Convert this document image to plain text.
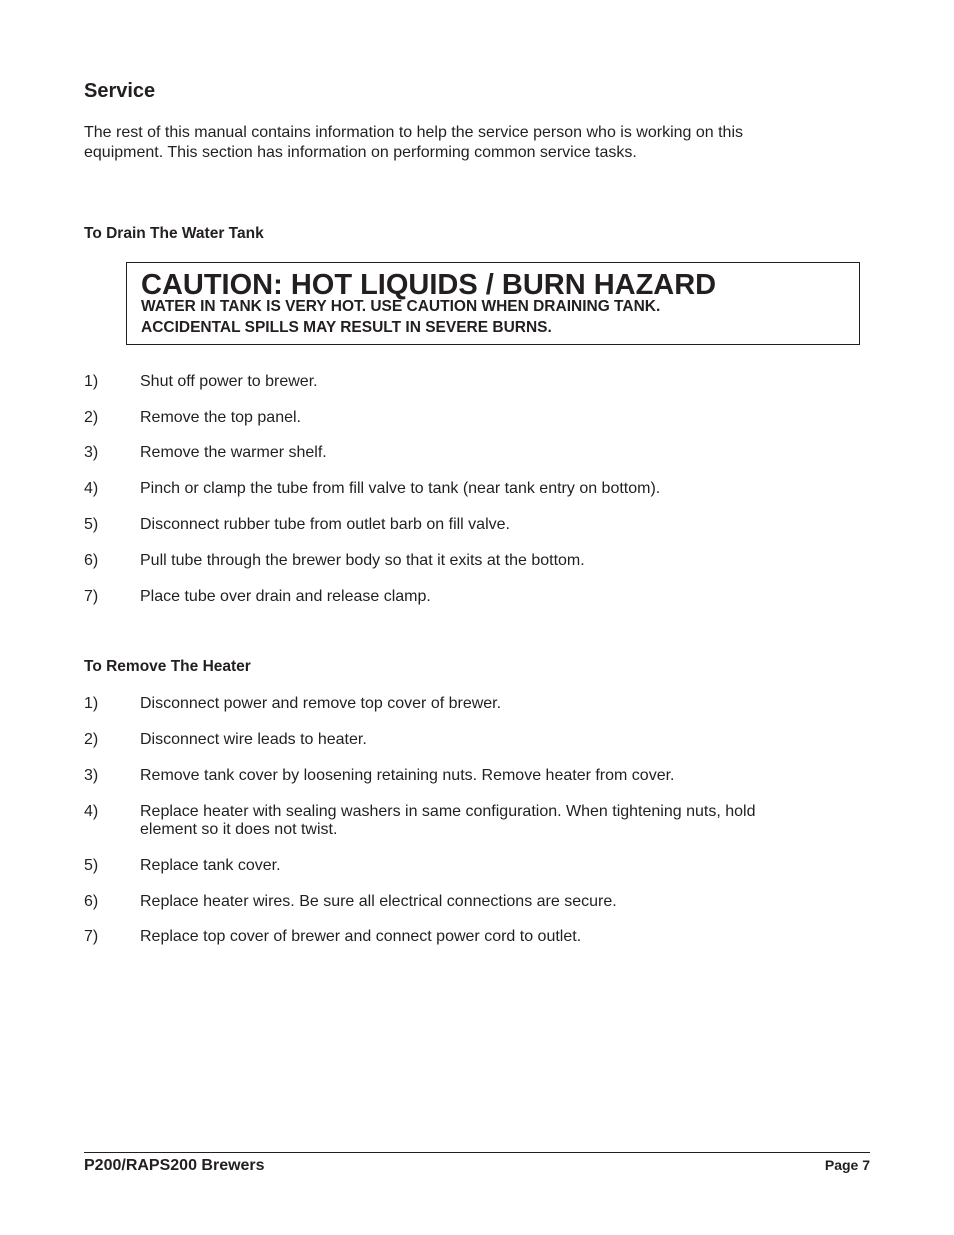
Service
The rest of this manual contains information to help the service person who is working on this
equipment. This section has information on performing common service tasks.
To Drain The Water Tank
CAUTION: HOT LIQUIDS / BURN HAZARD
WATER IN TANK IS VERY HOT. USE CAUTION WHEN DRAINING TANK.
ACCIDENTAL SPILLS MAY RESULT IN SEVERE BURNS.
1)	Shut off power to brewer.
2)	Remove the top panel.
3)	Remove the warmer shelf.
4)	Pinch or clamp the tube from fill valve to tank (near tank entry on bottom).
5)	Disconnect rubber tube from outlet barb on fill valve.
6)	Pull tube through the brewer body so that it exits at the bottom.
7)	Place tube over drain and release clamp.
To Remove The Heater
1)	Disconnect power and remove top cover of brewer.
2)	Disconnect wire leads to heater.
3)	Remove tank cover by loosening retaining nuts. Remove heater from cover.
4)	Replace heater with sealing washers in same configuration. When tightening nuts, hold
element so it does not twist.
5)	Replace tank cover.
6)	Replace heater wires. Be sure all electrical connections are secure.
7)	Replace top cover of brewer and connect power cord to outlet.
P200/RAPS200 Brewers	Page 7
